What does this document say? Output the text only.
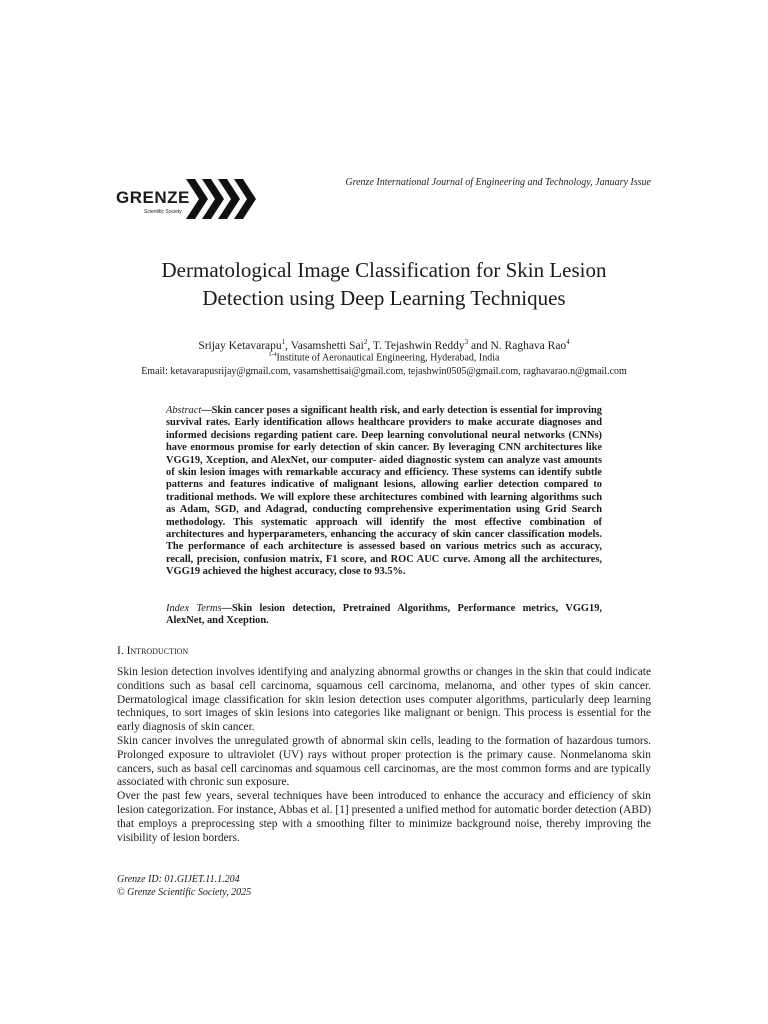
GRENZE
Scientific Society
Grenze International Journal of Engineering and Technology, January Issue
Dermatological Image Classification for Skin Lesion
Detection using Deep Learning Techniques
Srijay Ketavarapu$^1$, Vasamshetti Sai$^2$, T. Tejashwin Reddy$^3$ and N. Raghava Rao$^4$
$^{1-4}$Institute of Aeronautical Engineering, Hyderabad, India
Email: ketavarapusrijay@gmail.com, vasamshettisai@gmail.com, tejashwin0505@gmail.com, raghavarao.n@gmail.com
Abstract—Skin cancer poses a significant health risk, and early detection is essential for improving survival rates. Early identification allows healthcare providers to make accurate diagnoses and informed decisions regarding patient care. Deep learning convolutional neural networks (CNNs) have enormous promise for early detection of skin cancer. By leveraging CNN architectures like VGG19, Xception, and AlexNet, our computer- aided diagnostic system can analyze vast amounts of skin lesion images with remarkable accuracy and efficiency. These systems can identify subtle patterns and features indicative of malignant lesions, allowing earlier detection compared to traditional methods. We will explore these architectures combined with learning algorithms such as Adam, SGD, and Adagrad, conducting comprehensive experimentation using Grid Search methodology. This systematic approach will identify the most effective combination of architectures and hyperparameters, enhancing the accuracy of skin cancer classification models. The performance of each architecture is assessed based on various metrics such as accuracy, recall, precision, confusion matrix, F1 score, and ROC AUC curve. Among all the architectures, VGG19 achieved the highest accuracy, close to 93.5%.
Index Terms—Skin lesion detection, Pretrained Algorithms, Performance metrics, VGG19, AlexNet, and Xception.
I. Introduction

Skin lesion detection involves identifying and analyzing abnormal growths or changes in the skin that could indicate conditions such as basal cell carcinoma, squamous cell carcinoma, melanoma, and other types of skin cancer. Dermatological image classification for skin lesion detection uses computer algorithms, particularly deep learning techniques, to sort images of skin lesions into categories like malignant or benign. This process is essential for the early diagnosis of skin cancer.

Skin cancer involves the unregulated growth of abnormal skin cells, leading to the formation of hazardous tumors. Prolonged exposure to ultraviolet (UV) rays without proper protection is the primary cause. Nonmelanoma skin cancers, such as basal cell carcinomas and squamous cell carcinomas, are the most common forms and are typically associated with chronic sun exposure.

Over the past few years, several techniques have been introduced to enhance the accuracy and efficiency of skin lesion categorization. For instance, Abbas et al. [1] presented a unified method for automatic border detection (ABD) that employs a preprocessing step with a smoothing filter to minimize background noise, thereby improving the visibility of lesion borders.

Grenze ID: 01.GIJET.11.1.204
© Grenze Scientific Society, 2025
